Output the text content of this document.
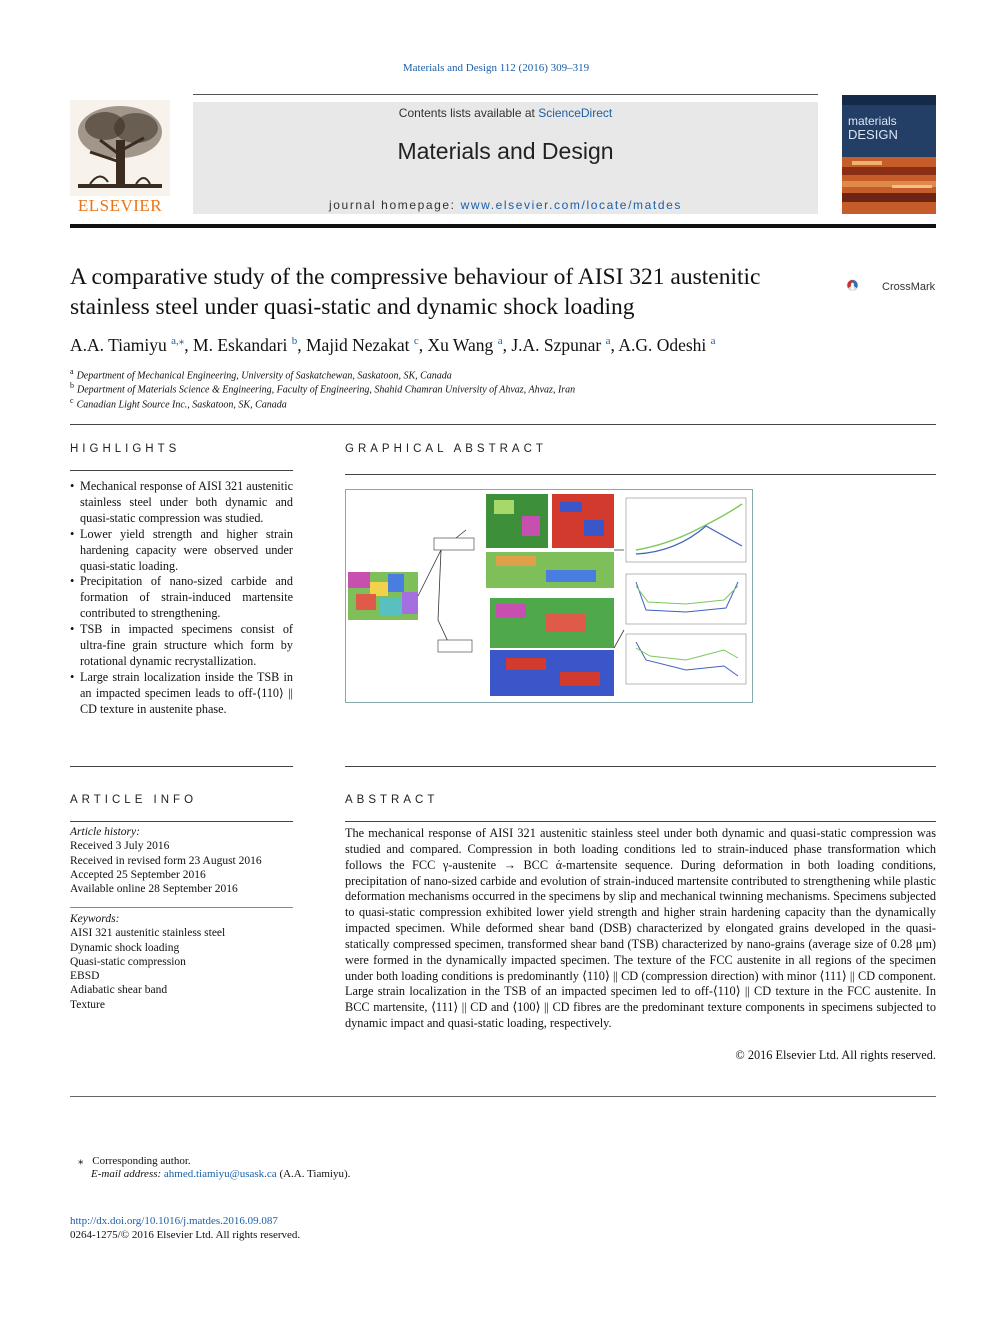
Materials and Design 112 (2016) 309–319
Contents lists available at ScienceDirect
Materials and Design
journal homepage: www.elsevier.com/locate/matdes
ELSEVIER
materials
DESIGN
A comparative study of the compressive behaviour of AISI 321 austenitic stainless steel under quasi-static and dynamic shock loading
CrossMark
A.A. Tiamiyu $^{a,⁎}$, M. Eskandari $^b$, Majid Nezakat $^c$, Xu Wang $^a$, J.A. Szpunar $^a$, A.G. Odeshi $^a$
$^a$ Department of Mechanical Engineering, University of Saskatchewan, Saskatoon, SK, Canada
$^b$ Department of Materials Science & Engineering, Faculty of Engineering, Shahid Chamran University of Ahvaz, Ahvaz, Iran
$^c$ Canadian Light Source Inc., Saskatoon, SK, Canada
HIGHLIGHTS
• Mechanical response of AISI 321 austenitic stainless steel under both dynamic and quasi-static compression was studied.
• Lower yield strength and higher strain hardening capacity were observed under quasi-static loading.
• Precipitation of nano-sized carbide and formation of strain-induced martensite contributed to strengthening.
• TSB in impacted specimens consist of ultra-fine grain structure which form by rotational dynamic recrystallization.
• Large strain localization inside the TSB in an impacted specimen leads to off-⟨110⟩ || CD texture in austenite phase.
GRAPHICAL ABSTRACT
ARTICLE INFO
Article history:
Received 3 July 2016
Received in revised form 23 August 2016
Accepted 25 September 2016
Available online 28 September 2016
Keywords:
AISI 321 austenitic stainless steel
Dynamic shock loading
Quasi-static compression
EBSD
Adiabatic shear band
Texture
ABSTRACT

The mechanical response of AISI 321 austenitic stainless steel under both dynamic and quasi-static compression was studied and compared. Compression in both loading conditions led to strain-induced phase transformation which follows the FCC γ-austenite → BCC ά-martensite sequence. During deformation in both loading conditions, precipitation of nano-sized carbide and evolution of strain-induced martensite contributed to strengthening while plastic deformation mechanisms occurred in the specimens by slip and mechanical twinning mechanisms. Specimens subjected to quasi-static compression exhibited lower yield strength and higher strain hardening capacity than the dynamically impacted specimen. While deformed shear band (DSB) characterized by elongated grains developed in the quasi-statically compressed specimen, transformed shear band (TSB) characterized by nano-grains (average size of 0.28 μm) were formed in the dynamically impacted specimen. The texture of the FCC austenite in all regions of the specimen under both loading conditions is predominantly ⟨110⟩ || CD (compression direction) with minor ⟨111⟩ || CD component. Large strain localization in the TSB of an impacted specimen led to off-⟨110⟩ || CD texture in the FCC austenite. In BCC martensite, ⟨111⟩ || CD and ⟨100⟩ || CD fibres are the predominant texture components in specimens subjected to dynamic impact and quasi-static loading, respectively.

© 2016 Elsevier Ltd. All rights reserved.
⁎ Corresponding author.
E-mail address: ahmed.tiamiyu@usask.ca (A.A. Tiamiyu).
http://dx.doi.org/10.1016/j.matdes.2016.09.087
0264-1275/© 2016 Elsevier Ltd. All rights reserved.
